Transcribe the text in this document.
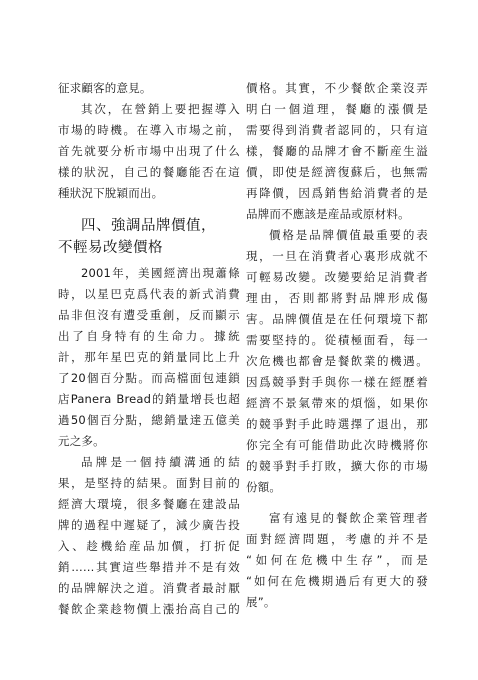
征求顧客的意見。
其次，在營銷上要把握導入
市場的時機。在導入市場之前，
首先就要分析市場中出現了什么
樣的狀況，自己的餐廳能否在這
種狀況下脫穎而出。
四、強調品牌價值，
不輕易改變價格
2001年，美國經濟出現蕭條
時，以星巴克爲代表的新式消費
品非但沒有遭受重創，反而顯示
出了自身特有的生命力。據統
計，那年星巴克的銷量同比上升
了20個百分點。而高檔面包連鎖
店Panera Bread的銷量增長也超
過50個百分點，總銷量達五億美
元之多。
品牌是一個持續溝通的結
果，是堅持的結果。面對目前的
經濟大環境，很多餐廳在建設品
牌的過程中遲疑了，減少廣告投
入、趁機給産品加價，打折促
銷……其實這些舉措并不是有效
的品牌解決之道。消費者最討厭
餐飲企業趁物價上漲抬高自己的
價格。其實，不少餐飲企業沒弄
明白一個道理，餐廳的漲價是
需要得到消費者認同的，只有這
樣，餐廳的品牌才會不斷産生溢
價，即使是經濟復蘇后，也無需
再降價，因爲銷售給消費者的是
品牌而不應該是産品或原材料。
價格是品牌價值最重要的表
現，一旦在消費者心裏形成就不
可輕易改變。改變要給足消費者
理由，否則都將對品牌形成傷
害。品牌價值是在任何環境下都
需要堅持的。從積極面看，每一
次危機也都會是餐飲業的機遇。
因爲競爭對手與你一樣在經歷着
經濟不景氣帶來的煩惱，如果你
的競爭對手此時選擇了退出，那
你完全有可能借助此次時機將你
的競爭對手打敗，擴大你的市場
份額。
富有遠見的餐飲企業管理者
面對經濟問題，考慮的并不是
“如何在危機中生存”，而是
“如何在危機期過后有更大的發
展”。
